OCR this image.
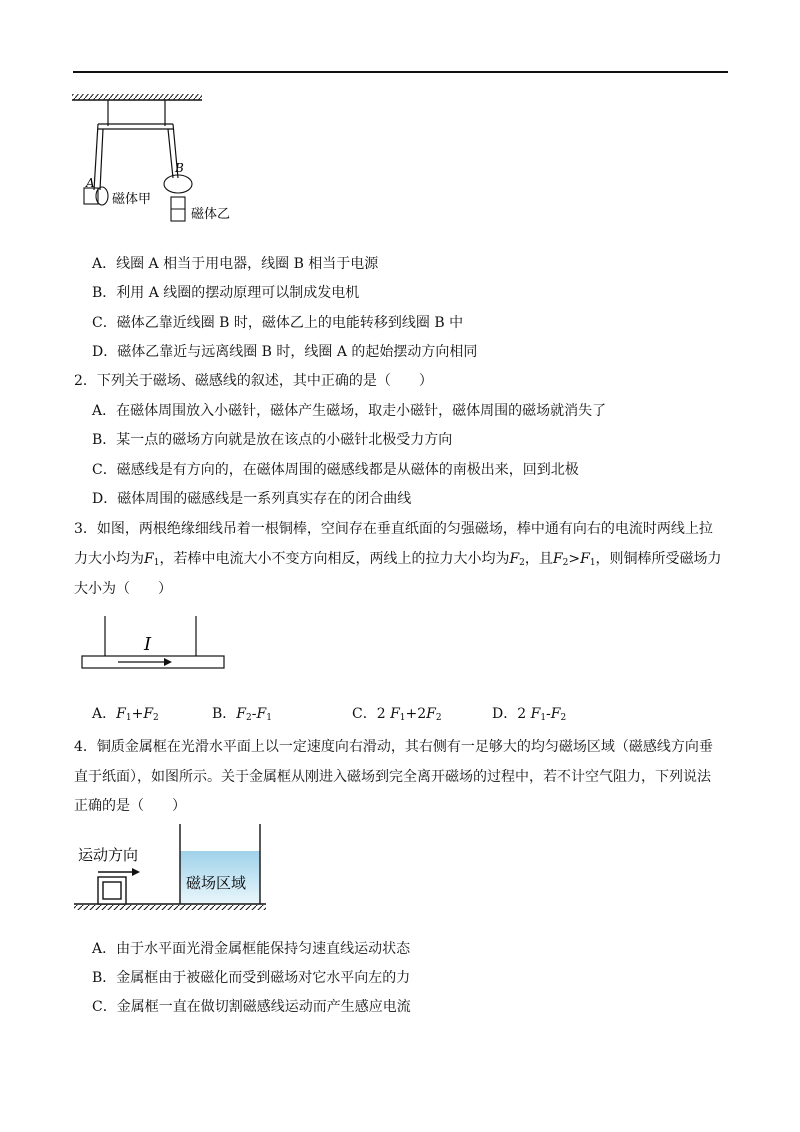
A
B
磁体甲
磁体乙
A．线圈 A 相当于用电器，线圈 B 相当于电源
B．利用 A 线圈的摆动原理可以制成发电机
C．磁体乙靠近线圈 B 时，磁体乙上的电能转移到线圈 B 中
D．磁体乙靠近与远离线圈 B 时，线圈 A 的起始摆动方向相同
2．下列关于磁场、磁感线的叙述，其中正确的是（　　）
A．在磁体周围放入小磁针，磁体产生磁场，取走小磁针，磁体周围的磁场就消失了
B．某一点的磁场方向就是放在该点的小磁针北极受力方向
C．磁感线是有方向的，在磁体周围的磁感线都是从磁体的南极出来，回到北极
D．磁体周围的磁感线是一系列真实存在的闭合曲线
3．如图，两根绝缘细线吊着一根铜棒，空间存在垂直纸面的匀强磁场，棒中通有向右的电流时两线上拉
力大小均为$F_1$，若棒中电流大小不变方向相反，两线上的拉力大小均为$F_2$，且$F_2>F_1$，则铜棒所受磁场力
大小为（　　）
I
A．$F_1+F_2$	B．$F_2-F_1$	C．2 $F_1+2F_2$	D．2 $F_1-F_2$
4．铜质金属框在光滑水平面上以一定速度向右滑动，其右侧有一足够大的均匀磁场区域（磁感线方向垂
直于纸面），如图所示。关于金属框从刚进入磁场到完全离开磁场的过程中，若不计空气阻力，下列说法
正确的是（　　）
运动方向
磁场区域
A．由于水平面光滑金属框能保持匀速直线运动状态
B．金属框由于被磁化而受到磁场对它水平向左的力
C．金属框一直在做切割磁感线运动而产生感应电流
